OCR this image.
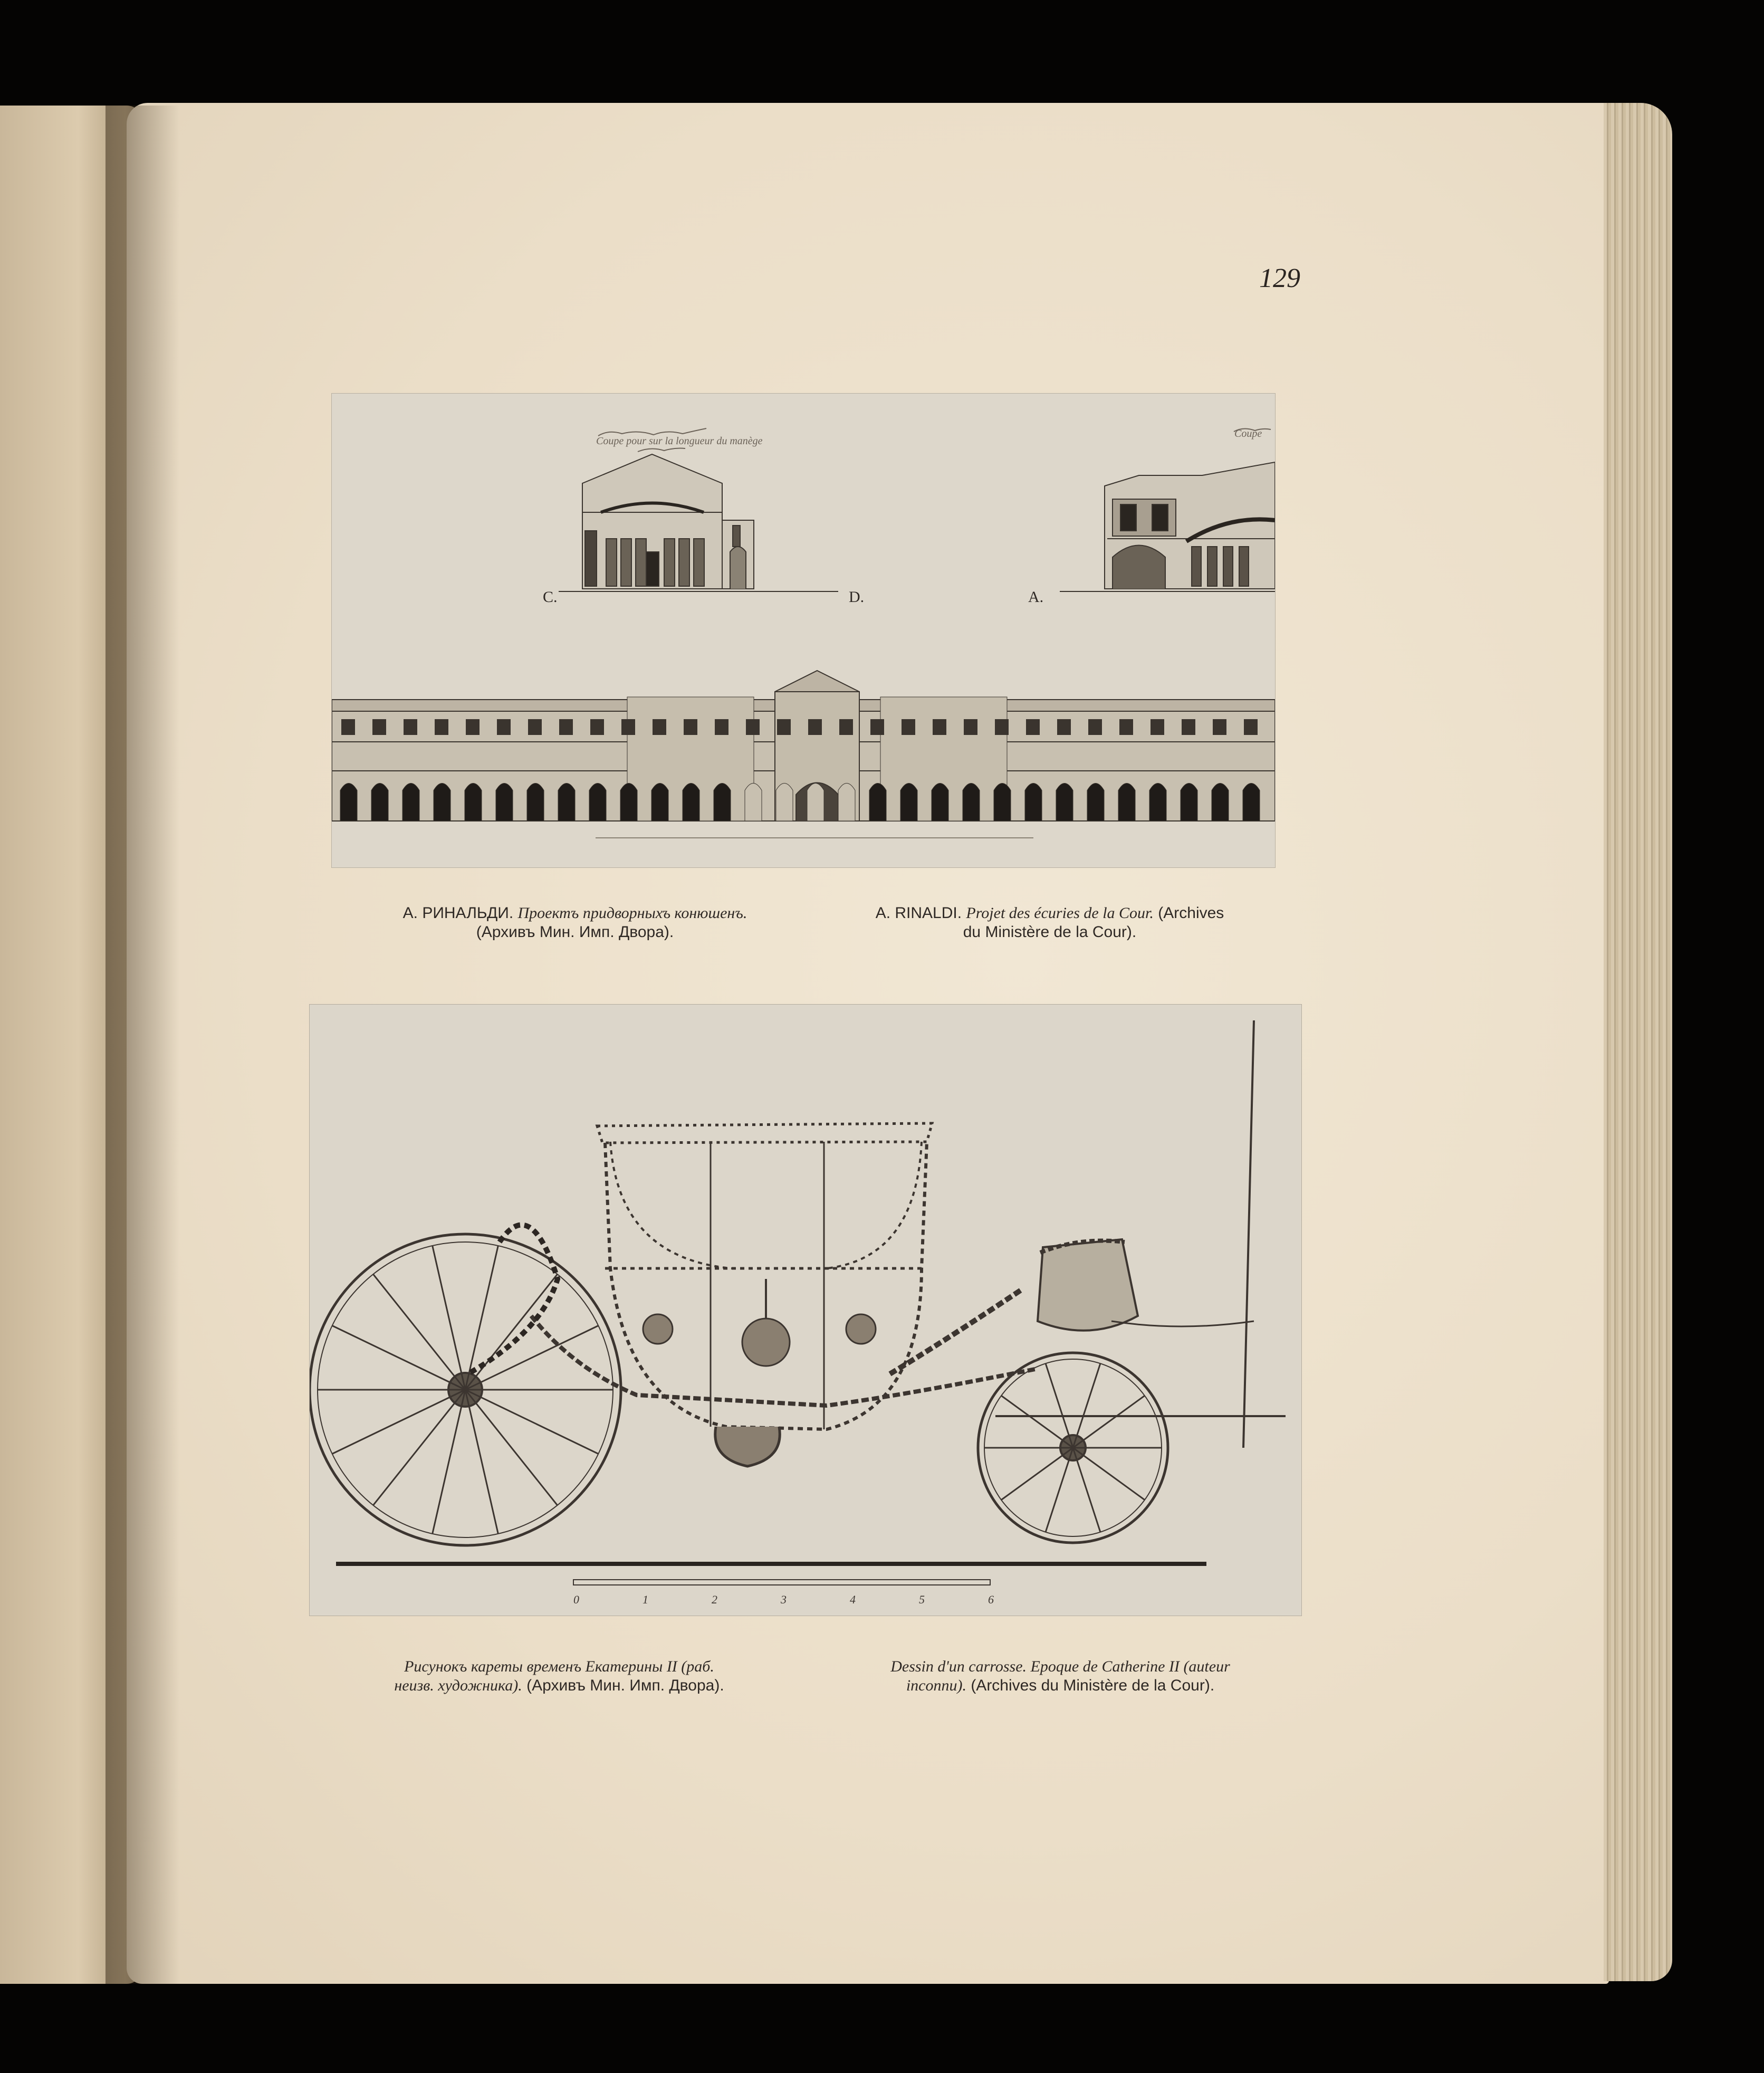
129
C.	D.	A.
А. РИНАЛЬДИ. Проектъ придворныхъ конюшенъ.
(Архивъ Мин. Имп. Двора).
A. RINALDI. Projet des écuries de la Cour. (Archives
du Ministère de la Cour).
0	1	2	3	4	5	6
Рисунокъ кареты временъ Екатерины II (раб.
неизв. художника). (Архивъ Мин. Имп. Двора).
Dessin d'un carrosse. Epoque de Catherine II (auteur
inconnu). (Archives du Ministère de la Cour).
Coupe pour sur la longueur du manège
Coupe
